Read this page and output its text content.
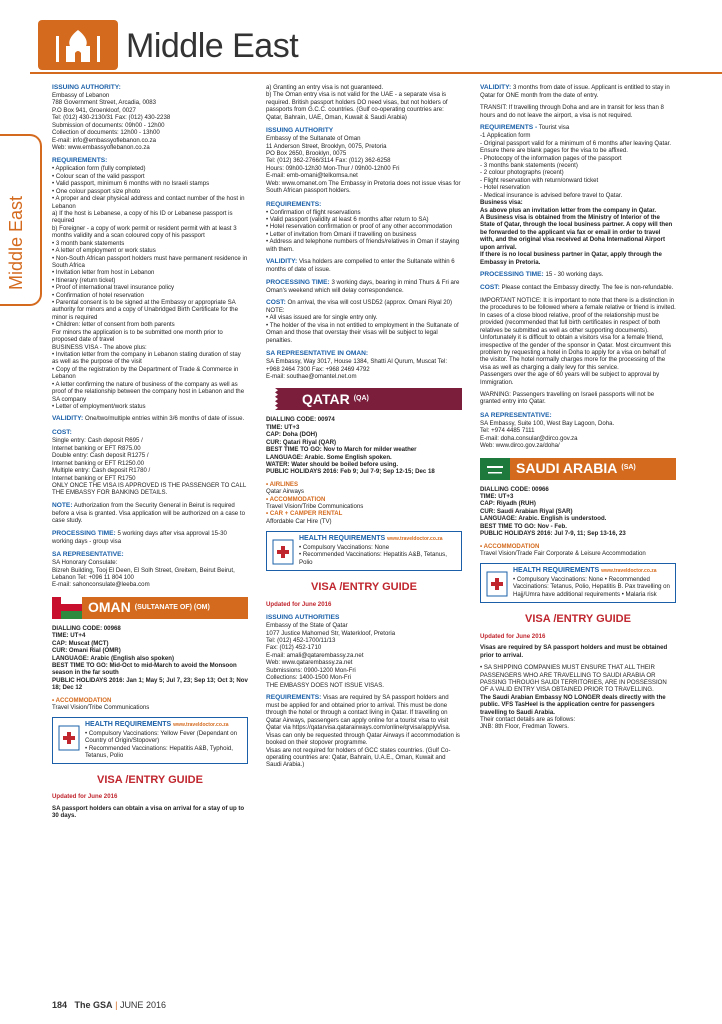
Middle East
Middle East
ISSUING AUTHORITY:

Embassy of Lebanon
788 Government Street, Arcadia, 0083
P.O Box 941, Groenkloof, 0027
Tel: (012) 430-2130/31 Fax: (012) 430-2238
Submission of documents: 09h00 - 12h00
Collection of documents: 12h00 - 13h00
E-mail: info@embassyoflebanon.co.za
Web: www.embassyoflebanon.co.za

REQUIREMENTS:

• Application form (fully completed)
• Colour scan of the valid passport
• Valid passport, minimum 6 months with no Israeli stamps
• One colour passport size photo
• A proper and clear physical address and contact number of the host in Lebanon
a) If the host is Lebanese, a copy of his ID or Lebanese passport is required
b) Foreigner - a copy of work permit or resident permit with at least 3 months validity and a scan coloured copy of his passport
• 3 month bank statements
• A letter of employment or work status
• Non-South African passport holders must have permanent residence in South Africa
• Invitation letter from host in Lebanon
• Itinerary (return ticket)
• Proof of international travel insurance policy
• Confirmation of hotel reservation
• Parental consent is to be signed at the Embassy or appropriate SA authority for minors and a copy of Unabridged Birth Certificate for the minor is required
• Children: letter of consent from both parents
For minors the application is to be submitted one month prior to proposed date of travel
BUSINESS VISA - The above plus:
• Invitation letter from the company in Lebanon stating duration of stay as well as the purpose of the visit
• Copy of the registration by the Department of Trade & Commerce in Lebanon
• A letter confirming the nature of business of the company as well as proof of the relationship between the company host in Lebanon and the SA company
• Letter of employment/work status

VALIDITY: One/two/multiple entries within 3/6 months of date of issue.

COST:

Single entry: Cash deposit R695 /
Internet banking or EFT R875.00
Double entry: Cash deposit R1275 /
Internet banking or EFT R1250.00
Multiple entry: Cash deposit R1780 /
Internet banking or EFT R1750
ONLY ONCE THE VISA IS APPROVED IS THE PASSENGER TO CALL THE EMBASSY FOR BANKING DETAILS.

NOTE: Authorization from the Security General in Beirut is required before a visa is granted. Visa application will be authorized on a case to case study.

PROCESSING TIME: 5 working days after visa approval 15-30 working days - group visa

SA REPRESENTATIVE:

SA Honorary Consulate:
Bizreh Building, Tooj El Deen, El Solh Street, Greitem, Beirut Beirut, Lebanon Tel: +096 11 804 100
E-mail: sahonconsulate@leeba.com

OMAN (SULTANATE OF) (OM)

DIALLING CODE: 00968
TIME: UT+4
CAP: Muscat (MCT)
CUR: Omani Rial (OMR)
LANGUAGE: Arabic (English also spoken)
BEST TIME TO GO: Mid-Oct to mid-March to avoid the Monsoon season in the far south
PUBLIC HOLIDAYS 2016: Jan 1; May 5; Jul 7, 23; Sep 13; Oct 3; Nov 18; Dec 12

• ACCOMMODATION

Travel Vision/Tribe Communications

HEALTH REQUIREMENTS www.traveldoctor.co.za

• Compulsory Vaccinations: Yellow Fever (Dependant on Country of Origin/Stopover)
• Recommended Vaccinations: Hepatitis A&B, Typhoid, Tetanus, Polio

VISA /ENTRY GUIDE
Updated for June 2016

SA passport holders can obtain a visa on arrival for a stay of up to 30 days.

a) Granting an entry visa is not guaranteed.
b) The Oman entry visa is not valid for the UAE - a separate visa is required. British passport holders DO need visas, but not holders of passports from G.C.C. countries. (Gulf co-operating countries are: Qatar, Bahrain, UAE, Oman, Kuwait & Saudi Arabia)

ISSUING AUTHORITY

Embassy of the Sultanate of Oman
11 Anderson Street, Brooklyn, 0075, Pretoria
PO Box 2650, Brooklyn, 0075
Tel: (012) 362-2766/3114 Fax: (012) 362-6258
Hours: 09h00-12h30 Mon-Thur / 09h00-12h00 Fri
E-mail: emb-omani@telkomsa.net
Web: www.omanet.om The Embassy in Pretoria does not issue visas for South African passport holders.

REQUIREMENTS:

• Confirmation of flight reservations
• Valid passport (validity at least 6 months after return to SA)
• Hotel reservation confirmation or proof of any other accommodation
• Letter of invitation from Omani if travelling on business
• Address and telephone numbers of friends/relatives in Oman if staying with them.

VALIDITY: Visa holders are compelled to enter the Sultanate within 6 months of date of issue.

PROCESSING TIME: 3 working days, bearing in mind Thurs & Fri are Oman's weekend which will delay correspondence.

COST: On arrival, the visa will cost USD52 (approx. Omani Riyal 20)
NOTE:
• All visas issued are for single entry only.
• The holder of the visa in not entitled to employment in the Sultanate of Oman and those that overstay their visas will be subject to legal penalties.

SA REPRESENTATIVE IN OMAN:

SA Embassy, Way 3017, House 1384, Shatti Al Qurum, Muscat Tel: +968 2464 7300 Fax: +968 2469 4792
E-mail: southae@omantel.net.om

QATAR (QA)

DIALLING CODE: 00974
TIME: UT+3
CAP: Doha (DOH)
CUR: Qatari Riyal (QAR)
BEST TIME TO GO: Nov to March for milder weather
LANGUAGE: Arabic. Some English spoken.
WATER: Water should be boiled before using.
PUBLIC HOLIDAYS 2016: Feb 9; Jul 7-9; Sep 12-15; Dec 18

• AIRLINES

Qatar Airways

• ACCOMMODATION

Travel Vision/Tribe Communications

• CAR + CAMPER RENTAL

Affordable Car Hire (TV)

HEALTH REQUIREMENTS www.traveldoctor.co.za

• Compulsory Vaccinations: None
• Recommended Vaccinations: Hepatitis A&B, Tetanus, Polio

VISA /ENTRY GUIDE
Updated for June 2016
ISSUING AUTHORITIES

Embassy of the State of Qatar
1077 Justice Mahomed Str, Waterkloof, Pretoria
Tel: (012) 452-1700/11/13
Fax: (012) 452-1710
E-mail: amali@qatarembassy.za.net
Web: www.qatarembassy.za.net
Submissions: 0900-1200 Mon-Fri
Collections: 1400-1500 Mon-Fri
THE EMBASSY DOES NOT ISSUE VISAS.

REQUIREMENTS: Visas are required by SA passport holders and must be applied for and obtained prior to arrival. This must be done through the hotel or through a contact living in Qatar. If travelling on Qatar Airways, passengers can apply online for a tourist visa to visit Qatar via https://qatarvisa.qatarairways.com/online/qrvisa/applyVisa.
Visas can only be requested through Qatar Airways if accommodation is booked on their stopover programme.
Visas are not required for holders of GCC states countries. (Gulf Co-operating countries are: Qatar, Bahrain, U.A.E., Oman, Kuwait and Saudi Arabia.)

VALIDITY: 3 months from date of issue. Applicant is entitled to stay in Qatar for ONE month from the date of entry.

TRANSIT: If travelling through Doha and are in transit for less than 8 hours and do not leave the airport, a visa is not required.

REQUIREMENTS - Tourist visa

-1 Application form
- Original passport valid for a minimum of 6 months after leaving Qatar. Ensure there are blank pages for the visa to be affixed.
- Photocopy of the information pages of the passport
- 3 months bank statements (recent)
- 2 colour photographs (recent)
- Flight reservation with return/onward ticket
- Hotel reservation
- Medical insurance is advised before travel to Qatar.

Business visa:
As above plus an invitation letter from the company in Qatar.
A Business visa is obtained from the Ministry of Interior of the State of Qatar, through the local business partner. A copy will then be forwarded to the applicant via fax or email in order to travel with, and the original visa received at Doha International Airport upon arrival.
If there is no local business partner in Qatar, apply through the Embassy in Pretoria.

PROCESSING TIME: 15 - 30 working days.

COST: Please contact the Embassy directly. The fee is non-refundable.

IMPORTANT NOTICE: It is important to note that there is a distinction in the procedures to be followed where a female relative or friend is invited. In cases of a close blood relative, proof of the relationship must be provided (recommended that full birth certificates in respect of both relatives be submitted as well as other supporting documents).
Unfortunately it is difficult to obtain a visitors visa for a female friend, irrespective of the gender of the sponsor in Qatar. Most circumvent this problem by requesting a hotel in Doha to apply for a visa on behalf of the visitor. The hotel normally charges more for the processing of the visa as well as charging a daily levy for this service.
Passengers over the age of 60 years will be subject to approval by Immigration.

WARNING: Passengers travelling on Israeli passports will not be granted entry into Qatar.

SA REPRESENTATIVE:

SA Embassy, Suite 100, West Bay Lagoon, Doha.
Tel: +974 4485 7111
E-mail: doha.consular@dirco.gov.za
Web: www.dirco.gov.za/doha/

SAUDI ARABIA (SA)

DIALLING CODE: 00966
TIME: UT+3
CAP: Riyadh (RUH)
CUR: Saudi Arabian Riyal (SAR)
LANGUAGE: Arabic. English is understood.
BEST TIME TO GO: Nov - Feb.
PUBLIC HOLIDAYS 2016: Jul 7-9, 11; Sep 13-16, 23

• ACCOMMODATION

Travel Vision/Trade Fair Corporate & Leisure Accommodation

HEALTH REQUIREMENTS www.traveldoctor.co.za

• Compulsory Vaccinations: None • Recommended Vaccinations: Tetanus, Polio, Hepatitis B. Pax travelling on Hajj/Umra have additional requirements • Malaria risk

VISA /ENTRY GUIDE
Updated for June 2016

Visas are required by SA passport holders and must be obtained prior to arrival.

• SA SHIPPING COMPANIES MUST ENSURE THAT ALL THEIR PASSENGERS WHO ARE TRAVELLING TO SAUDI ARABIA OR PASSING THROUGH SAUDI TERRITORIES, ARE IN POSSESSION OF A VALID ENTRY VISA OBTAINED PRIOR TO TRAVELLING.

The Saudi Arabian Embassy NO LONGER deals directly with the public. VFS TasHeel is the application centre for passengers travelling to Saudi Arabia.

Their contact details are as follows:
JNB: 8th Floor, Fredman Towers.

184 The GSA | JUNE 2016
